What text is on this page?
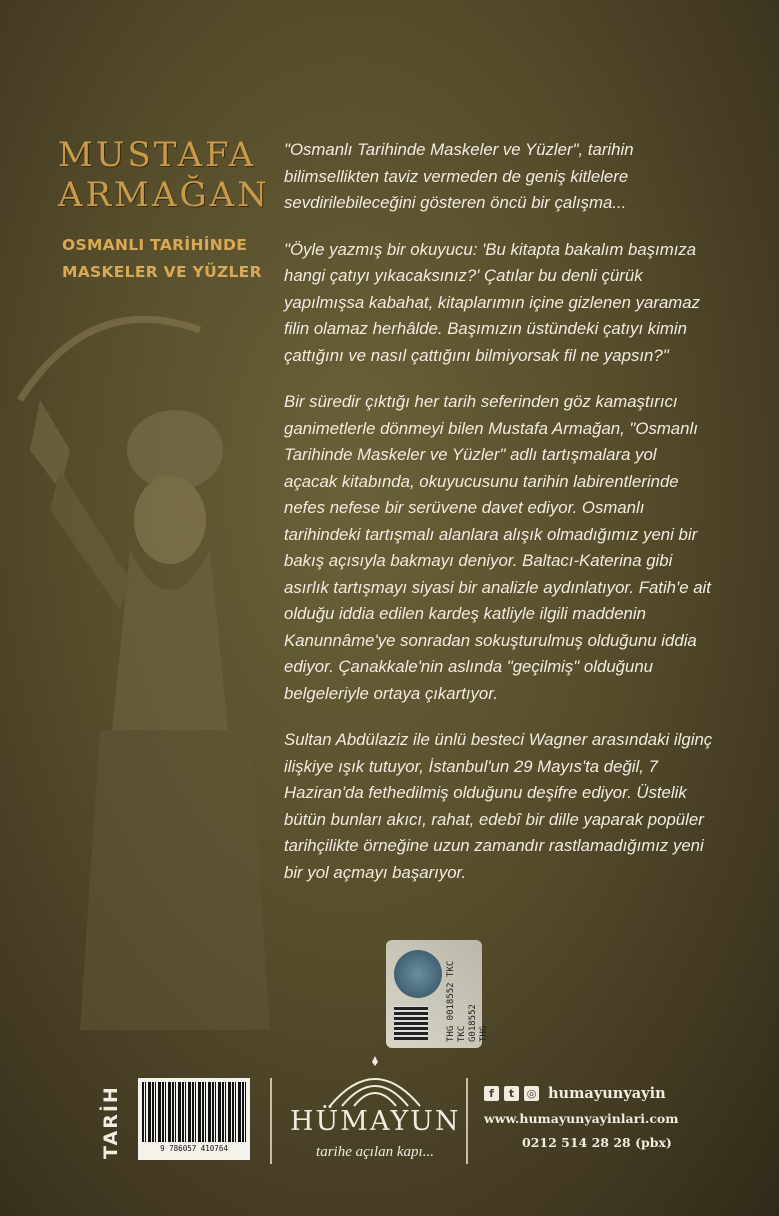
MUSTAFA
ARMAĞAN
OSMANLI TARİHİNDE
MASKELER VE YÜZLER

"Osmanlı Tarihinde Maskeler ve Yüzler", tarihin bilimsellikten taviz vermeden de geniş kitlelere sevdirilebileceğini gösteren öncü bir çalışma...

"Öyle yazmış bir okuyucu: 'Bu kitapta bakalım başımıza hangi çatıyı yıkacaksınız?' Çatılar bu denli çürük yapılmışsa kabahat, kitaplarımın içine gizlenen yaramaz filin olamaz herhâlde. Başımızın üstündeki çatıyı kimin çattığını ve nasıl çattığını bilmiyorsak fil ne yapsın?"

Bir süredir çıktığı her tarih seferinden göz kamaştırıcı ganimetlerle dönmeyi bilen Mustafa Armağan, "Osmanlı Tarihinde Maskeler ve Yüzler" adlı tartışmalara yol açacak kitabında, okuyucusunu tarihin labirentlerinde nefes nefese bir serüvene davet ediyor. Osmanlı tarihindeki tartışmalı alanlara alışık olmadığımız yeni bir bakış açısıyla bakmayı deniyor. Baltacı-Katerina gibi asırlık tartışmayı siyasi bir analizle aydınlatıyor. Fatih'e ait olduğu iddia edilen kardeş katliyle ilgili maddenin Kanunnâme'ye sonradan sokuşturulmuş olduğunu iddia ediyor. Çanakkale'nin aslında "geçilmiş" olduğunu belgeleriyle ortaya çıkartıyor.

Sultan Abdülaziz ile ünlü besteci Wagner arasındaki ilginç ilişkiye ışık tutuyor, İstanbul'un 29 Mayıs'ta değil, 7 Haziran'da fethedilmiş olduğunu deşifre ediyor. Üstelik bütün bunları akıcı, rahat, edebî bir dille yaparak popüler tarihçilikte örneğine uzun zamandır rastlamadığımız yeni bir yol açmayı başarıyor.

THG 0018552 TKC TKC G018552 THG
TARİH	9 786057 410764
HÜMAYUN
tarihe açılan kapı...
f	t	◎ humayunyayin
www.humayunyayinlari.com
0212 514 28 28 (pbx)
